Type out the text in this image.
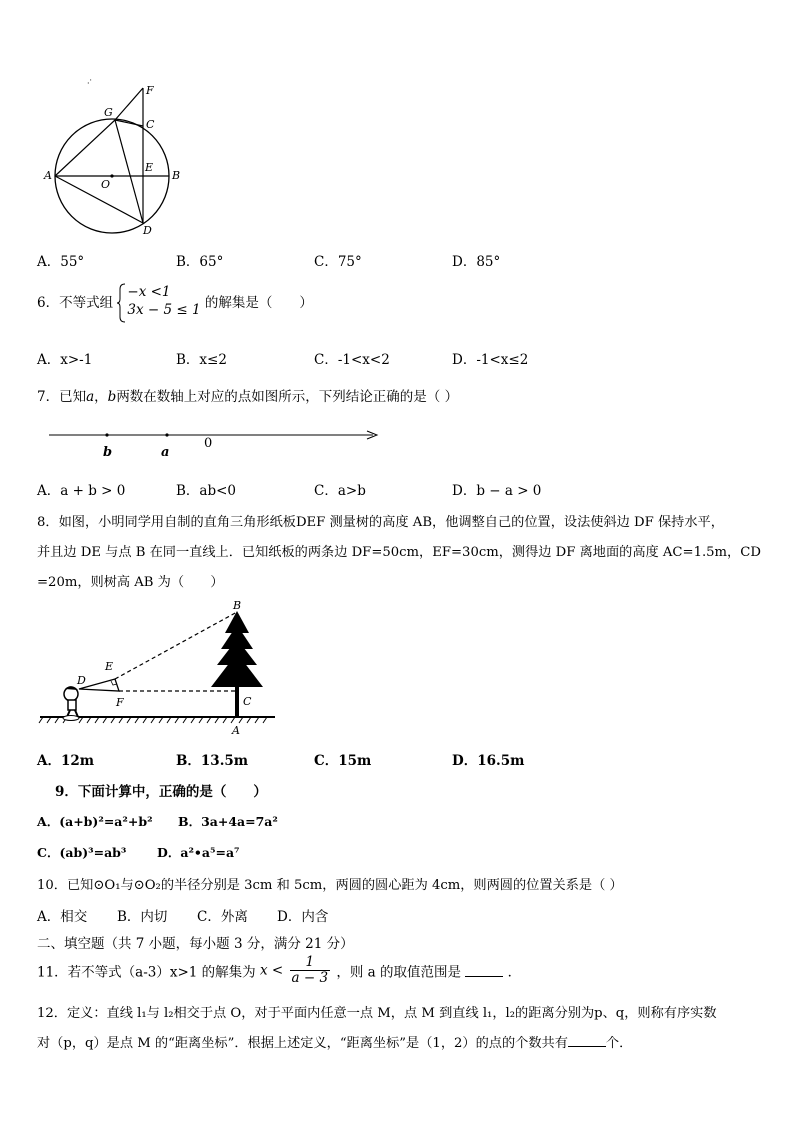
· '
F
G
C
A
O
E
B
D
A．55°	B．65°	C．75°	D．85°
6．不等式组
−x <1
3x − 5 ≤ 1 的解集是（　　）
A．x>-1	B．x≤2	C．-1<x<2	D．-1<x≤2
7．已知a，b两数在数轴上对应的点如图所示，下列结论正确的是（ ）
b	a
0
A．a + b > 0	B．ab<0	C．a>b	D．b − a > 0
8．如图，小明同学用自制的直角三角形纸板DEF 测量树的高度 AB，他调整自己的位置，设法使斜边 DF 保持水平，
并且边 DE 与点 B 在同一直线上．已知纸板的两条边 DF=50cm，EF=30cm，测得边 DF 离地面的高度 AC=1.5m，CD
=20m，则树高 AB 为（　　）
B
E
D
F	C
A
A．12m	B．13.5m	C．15m	D．16.5m
9．下面计算中，正确的是（　　）
A．(a+b)²=a²+b² B．3a+4a=7a²
C．(ab)³=ab³ D．a²•a⁵=a⁷
10．已知⊙O₁与⊙O₂的半径分别是 3cm 和 5cm，两圆的圆心距为 4cm，则两圆的位置关系是（ ）
A．相交 B．内切 C．外离 D．内含
二、填空题（共 7 小题，每小题 3 分，满分 21 分）
11．若不等式（a-3）x>1 的解集为 $x < \frac{1}{a - 3}$ ，则 a 的取值范围是	．
12．定义：直线 l₁与 l₂相交于点 O，对于平面内任意一点 M，点 M 到直线 l₁，l₂的距离分别为p、q，则称有序实数
对（p，q）是点 M 的“距离坐标”．根据上述定义，“距离坐标”是（1，2）的点的个数共有	个．
